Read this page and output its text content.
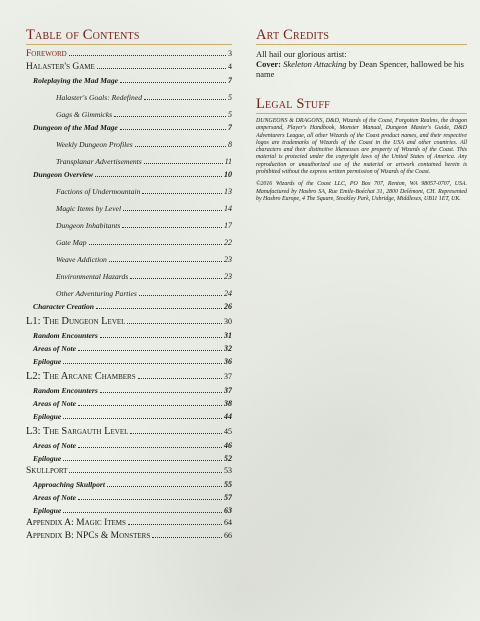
Table of Contents
Foreword	3
Halaster's Game	4
Roleplaying the Mad Mage	7
Halaster's Goals: Redefined	5
Gags & Gimmicks	5
Dungeon of the Mad Mage	7
Weekly Dungeon Profiles	8
Transplanar Advertisements	11
Dungeon Overview	10
Factions of Undermountain	13
Magic Items by Level	14
Dungeon Inhabitants	17
Gate Map	22
Weave Addiction	23
Environmental Hazards	23
Other Adventuring Parties	24
Character Creation	26
L1: The Dungeon Level	30
Random Encounters	31
Areas of Note	32
Epilogue	36
L2: The Arcane Chambers	37
Random Encounters	37
Areas of Note	38
Epilogue	44
L3: The Sargauth Level	45
Areas of Note	46
Epilogue	52
Skullport	53
Approaching Skullport	55
Areas of Note	57
Epilogue	63
Appendix A: Magic Items	64
Appendix B: NPCs & Monsters	66
Art Credits
All hail our glorious artist:
Cover: Skeleton Attacking by Dean Spencer, hallowed be his name
Legal Stuff
DUNGEONS & DRAGONS, D&D, Wizards of the Coast, Forgotten Realms, the dragon ampersand, Player's Handbook, Monster Manual, Dungeon Master's Guide, D&D Adventurers League, all other Wizards of the Coast product names, and their respective logos are trademarks of Wizards of the Coast in the USA and other countries. All characters and their distinctive likenesses are property of Wizards of the Coast. This material is protected under the copyright laws of the United States of America. Any reproduction or unauthorized use of the material or artwork contained herein is prohibited without the express written permission of Wizards of the Coast.
©2016 Wizards of the Coast LLC, PO Box 707, Renton, WA 98057-0707, USA. Manufactured by Hasbro SA, Rue Emile-Boéchat 31, 2800 Delémont, CH. Represented by Hasbro Europe, 4 The Square, Stockley Park, Uxbridge, Middlesex, UB11 1ET, UK.
